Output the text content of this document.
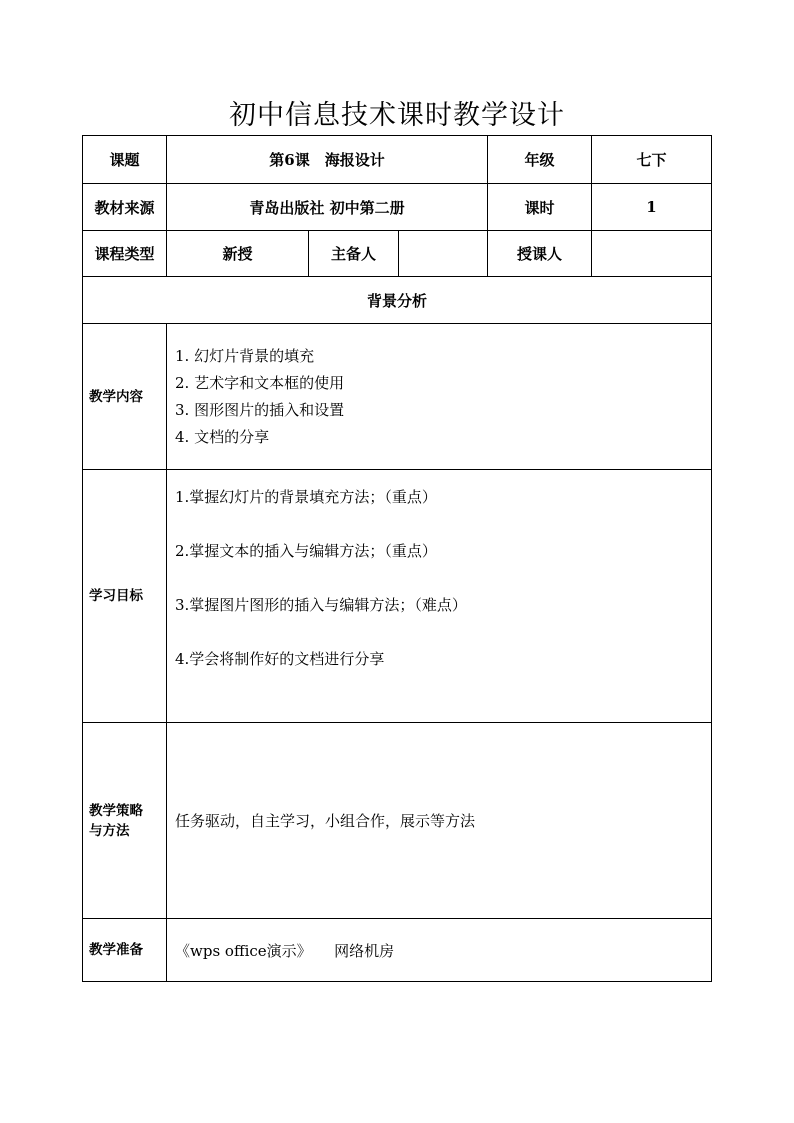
初中信息技术课时教学设计
课题	第6课　海报设计			年级	七下
教材来源	青岛出版社 初中第二册			课时	1
课程类型	新授	主备人		授课人	
背景分析					
教学内容	1. 幻灯片背景的填充
2. 艺术字和文本框的使用
3. 图形图片的插入和设置
4. 文档的分享				

学习目标	1.掌握幻灯片的背景填充方法；（重点）
2.掌握文本的插入与编辑方法；（重点）
3.掌握图片图形的插入与编辑方法；（难点）
4.学会将制作好的文档进行分享				

教学策略
与方法	任务驱动，自主学习，小组合作，展示等方法				
教学准备	《wps office演示》　　网络机房				
